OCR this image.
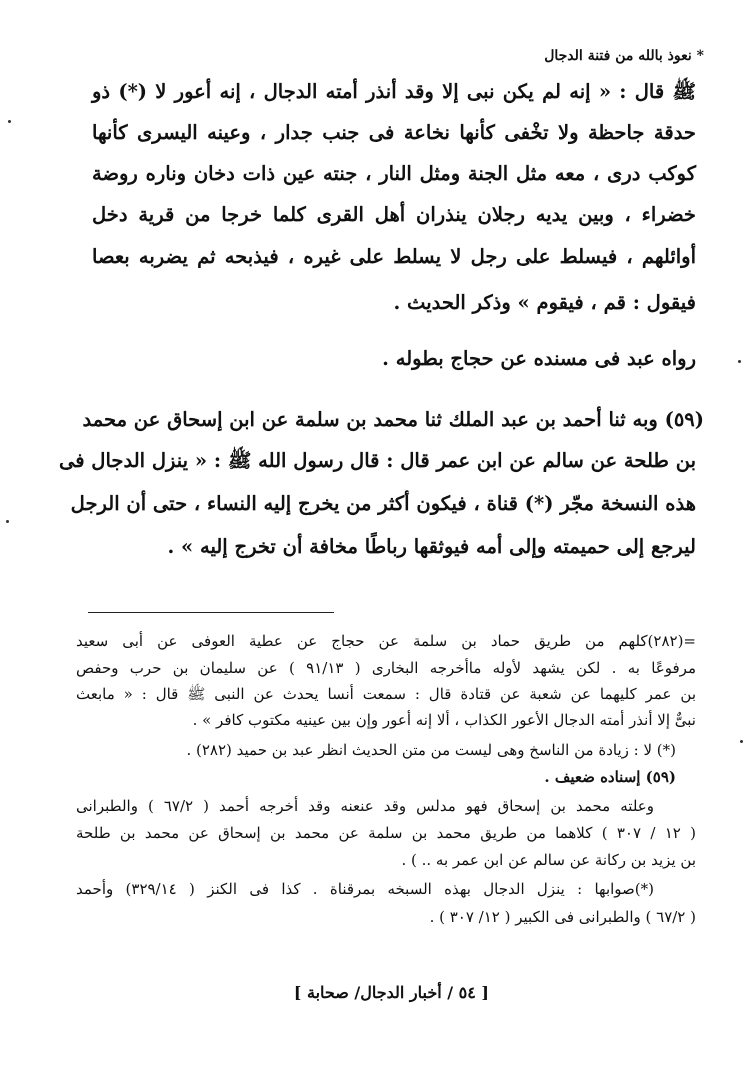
* نعوذ بالله من فتنة الدجال
ﷺ قال : « إنه لم يكن نبى إلا وقد أنذر أمته الدجال ، إنه أعور لا (*) ذو
حدقة جاحظة ولا تخْفى كأنها نخاعة فى جنب جدار ، وعينه اليسرى كأنها
كوكب درى ، معه مثل الجنة ومثل النار ، جنته عين ذات دخان وناره روضة
خضراء ، وبين يديه رجلان ينذران أهل القرى كلما خرجا من قرية دخل
أوائلهم ، فيسلط على رجل لا يسلط على غيره ، فيذبحه ثم يضربه بعصا
فيقول : قم ، فيقوم » وذكر الحديث .
رواه عبد فى مسنده عن حجاج بطوله .
(٥٩) وبه ثنا أحمد بن عبد الملك ثنا محمد بن سلمة عن ابن إسحاق عن محمد
بن طلحة عن سالم عن ابن عمر قال : قال رسول الله ﷺ : « ينزل الدجال فى
هذه النسخة مجّر (*) قناة ، فيكون أكثر من يخرج إليه النساء ، حتى أن الرجل
ليرجع إلى حميمته وإلى أمه فيوثقها رباطًا مخافة أن تخرج إليه » .
=(٢٨٢)كلهم من طريق حماد بن سلمة عن حجاج عن عطية العوفى عن أبى سعيد
مرفوعًا به . لكن يشهد لأوله ماأخرجه البخارى ( ٩١/١٣ ) عن سليمان بن حرب وحفص
بن عمر كليهما عن شعبة عن قتادة قال : سمعت أنسا يحدث عن النبى ﷺ قال : « مابعث
نبىٌّ إلا أنذر أمته الدجال الأعور الكذاب ، ألا إنه أعور وإن بين عينيه مكتوب كافر » .
(*) لا : زيادة من الناسخ وهى ليست من متن الحديث انظر عبد بن حميد (٢٨٢) .
(٥٩) إسناده ضعيف .
وعلته محمد بن إسحاق فهو مدلس وقد عنعنه وقد أخرجه أحمد ( ٦٧/٢ ) والطبرانى
( ١٢ / ٣٠٧ ) كلاهما من طريق محمد بن سلمة عن محمد بن إسحاق عن محمد بن طلحة
بن يزيد بن ركانة عن سالم عن ابن عمر به .. ) .
(*)صوابها : ينزل الدجال بهذه السبخه بمرقناة . كذا فى الكنز ( ٣٢٩/١٤) وأحمد
( ٦٧/٢ ) والطبرانى فى الكبير ( ١٢/ ٣٠٧ ) .
[ ٥٤ / أخبار الدجال/ صحابة ]
